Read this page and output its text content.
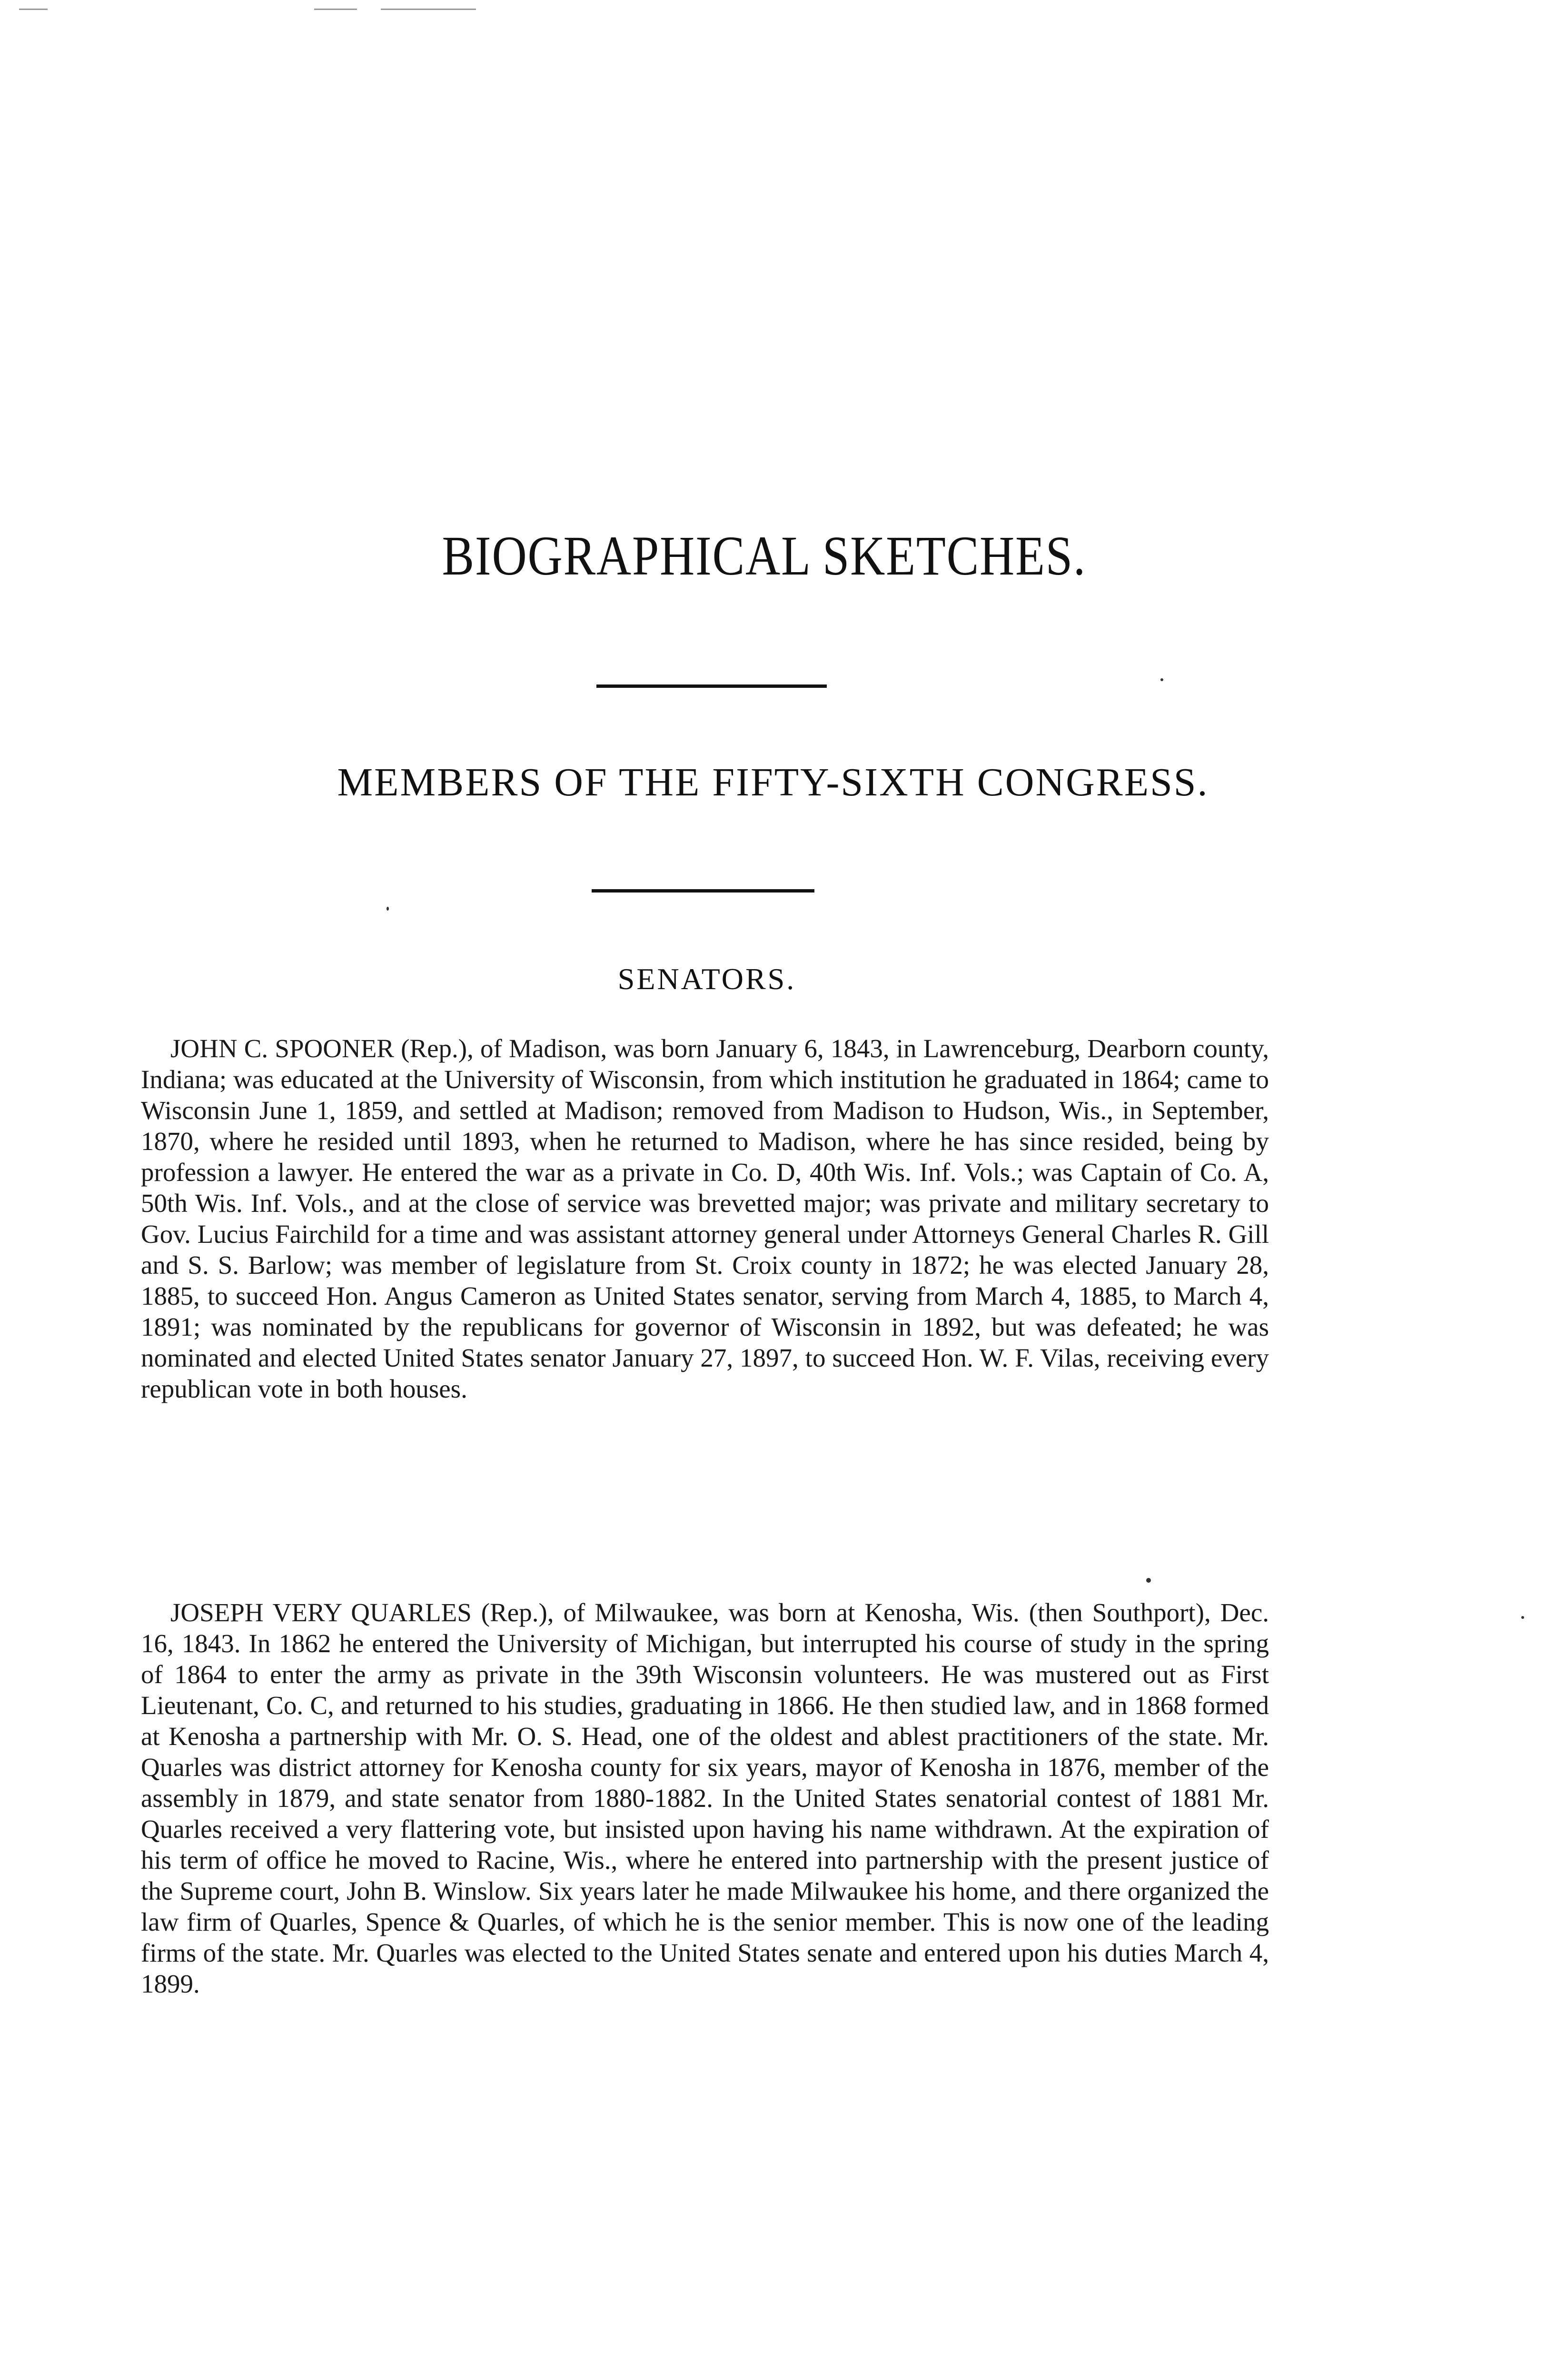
BIOGRAPHICAL SKETCHES.
MEMBERS OF THE FIFTY-SIXTH CONGRESS.
SENATORS.

JOHN C. SPOONER (Rep.), of Madison, was born January 6, 1843, in Lawrenceburg, Dearborn county, Indiana; was educated at the University of Wisconsin, from which institution he graduated in 1864; came to Wisconsin June 1, 1859, and settled at Madison; removed from Madison to Hudson, Wis., in September, 1870, where he resided until 1893, when he returned to Madison, where he has since resided, being by profession a lawyer. He entered the war as a private in Co. D, 40th Wis. Inf. Vols.; was Captain of Co. A, 50th Wis. Inf. Vols., and at the close of service was brevetted major; was private and military secretary to Gov. Lucius Fairchild for a time and was assistant attorney general under Attorneys General Charles R. Gill and S. S. Barlow; was member of legislature from St. Croix county in 1872; he was elected January 28, 1885, to succeed Hon. Angus Cameron as United States senator, serving from March 4, 1885, to March 4, 1891; was nominated by the republicans for governor of Wisconsin in 1892, but was defeated; he was nominated and elected United States senator January 27, 1897, to succeed Hon. W. F. Vilas, receiving every republican vote in both houses.

JOSEPH VERY QUARLES (Rep.), of Milwaukee, was born at Kenosha, Wis. (then Southport), Dec. 16, 1843. In 1862 he entered the University of Michigan, but interrupted his course of study in the spring of 1864 to enter the army as private in the 39th Wisconsin volunteers. He was mustered out as First Lieutenant, Co. C, and returned to his studies, graduating in 1866. He then studied law, and in 1868 formed at Kenosha a partnership with Mr. O. S. Head, one of the oldest and ablest practitioners of the state. Mr. Quarles was district attorney for Kenosha county for six years, mayor of Kenosha in 1876, member of the assembly in 1879, and state senator from 1880-1882. In the United States senatorial contest of 1881 Mr. Quarles received a very flattering vote, but insisted upon having his name withdrawn. At the expiration of his term of office he moved to Racine, Wis., where he entered into partnership with the present justice of the Supreme court, John B. Winslow. Six years later he made Milwaukee his home, and there organized the law firm of Quarles, Spence & Quarles, of which he is the senior member. This is now one of the leading firms of the state. Mr. Quarles was elected to the United States senate and entered upon his duties March 4, 1899.
